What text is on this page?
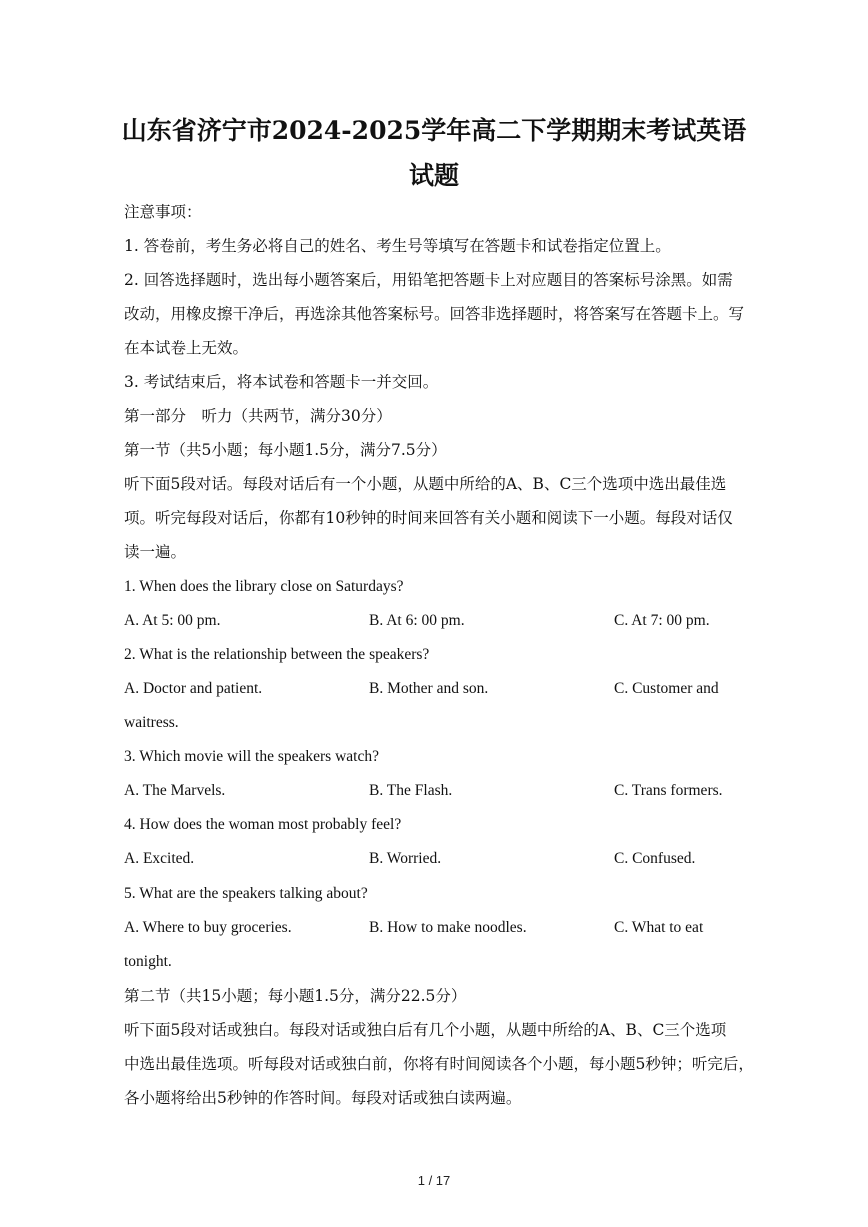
山东省济宁市2024-2025学年高二下学期期末考试英语试题
注意事项：
1. 答卷前，考生务必将自己的姓名、考生号等填写在答题卡和试卷指定位置上。
2. 回答选择题时，选出每小题答案后，用铅笔把答题卡上对应题目的答案标号涂黑。如需
改动，用橡皮擦干净后，再选涂其他答案标号。回答非选择题时，将答案写在答题卡上。写
在本试卷上无效。
3. 考试结束后，将本试卷和答题卡一并交回。
第一部分　听力（共两节，满分30分）
第一节（共5小题；每小题1.5分，满分7.5分）
听下面5段对话。每段对话后有一个小题，从题中所给的A、B、C三个选项中选出最佳选
项。听完每段对话后，你都有10秒钟的时间来回答有关小题和阅读下一小题。每段对话仅
读一遍。
1. When does the library close on Saturdays?
A. At 5: 00 pm.	B. At 6: 00 pm.	C. At 7: 00 pm.
2. What is the relationship between the speakers?
A. Doctor and patient.	B. Mother and son.	C. Customer and
waitress.
3. Which movie will the speakers watch?
A. The Marvels.	B. The Flash.	C. Trans formers.
4. How does the woman most probably feel?
A. Excited.	B. Worried.	C. Confused.
5. What are the speakers talking about?
A. Where to buy groceries.	B. How to make noodles.	C. What to eat
tonight.
第二节（共15小题；每小题1.5分，满分22.5分）
听下面5段对话或独白。每段对话或独白后有几个小题，从题中所给的A、B、C三个选项
中选出最佳选项。听每段对话或独白前，你将有时间阅读各个小题，每小题5秒钟；听完后，
各小题将给出5秒钟的作答时间。每段对话或独白读两遍。
1 / 17
